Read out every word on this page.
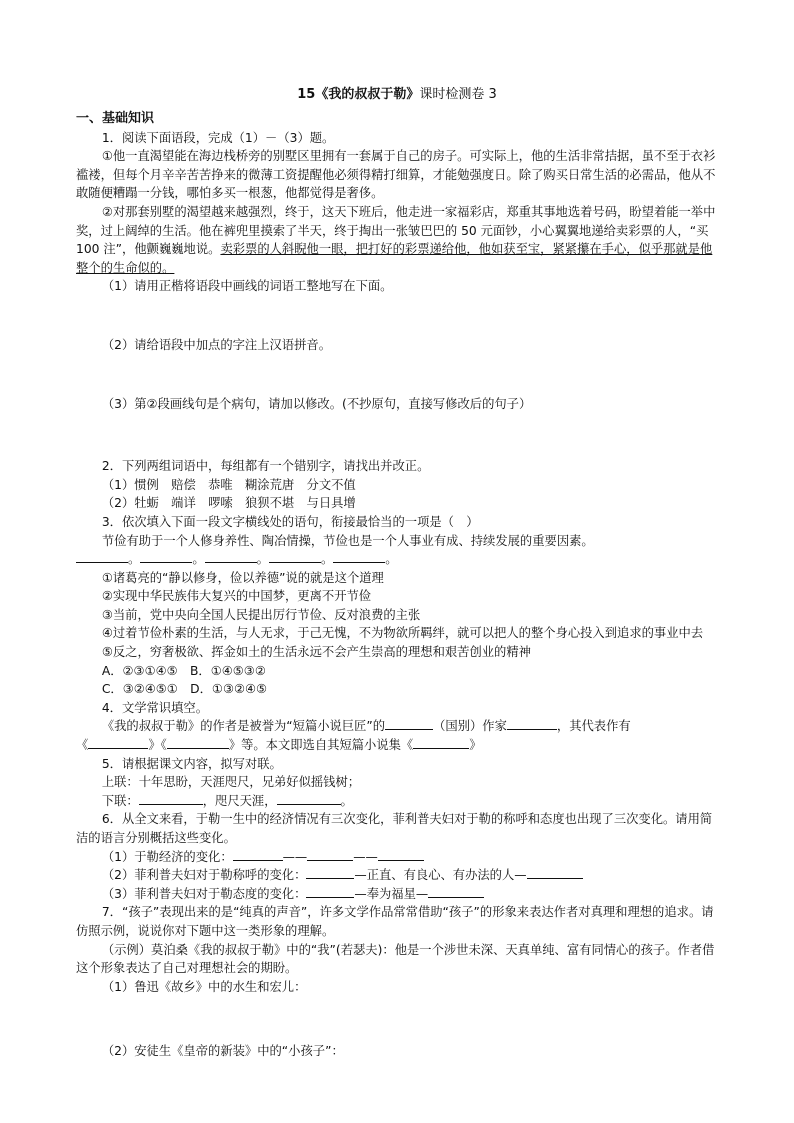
15《我的叔叔于勒》课时检测卷 3

一、基础知识

1．阅读下面语段，完成（1）－（3）题。

①他一直渴望能在海边栈桥旁的别墅区里拥有一套属于自己的房子。可实际上，他的生活非常拮据，虽不至于衣衫褴褛，但每个月辛辛苦苦挣来的微薄工资提醒他必须得精打细算，才能勉强度日。除了购买日常生活的必需品，他从不敢随便糟蹋一分钱，哪怕多买一根葱，他都觉得是奢侈。

②对那套别墅的渴望越来越强烈，终于，这天下班后，他走进一家福彩店，郑重其事地选着号码，盼望着能一举中奖，过上阔绰的生活。他在裤兜里摸索了半天，终于掏出一张皱巴巴的 50 元面钞，小心翼翼地递给卖彩票的人，“买 100 注”，他颤巍巍地说。卖彩票的人斜睨他一眼，把打好的彩票递给他，他如获至宝，紧紧攥在手心，似乎那就是他整个的生命似的。

（1）请用正楷将语段中画线的词语工整地写在下面。

（2）请给语段中加点的字注上汉语拼音。

（3）第②段画线句是个病句，请加以修改。(不抄原句，直接写修改后的句子）

2．下列两组词语中，每组都有一个错别字，请找出并改正。

（1）惯例　 赔偿　 恭唯　 糊涂荒唐　 分文不值

（2）牡蛎　 端详　 啰嗦　 狼狈不堪　 与日具增

3．依次填入下面一段文字横线处的语句，衔接最恰当的一项是（　）

节俭有助于一个人修身养性、陶冶情操，节俭也是一个人事业有成、持续发展的重要因素。

。	。	。	。	。

①诸葛亮的“静以修身，俭以养德”说的就是这个道理

②实现中华民族伟大复兴的中国梦，更离不开节俭

③当前，党中央向全国人民提出厉行节俭、反对浪费的主张

④过着节俭朴素的生活，与人无求，于己无愧，不为物欲所羁绊，就可以把人的整个身心投入到追求的事业中去

⑤反之，穷奢极欲、挥金如土的生活永远不会产生崇高的理想和艰苦创业的精神

A．②③①④⑤　 B．①④⑤③②

C．③②④⑤①　 D．①③②④⑤

4．文学常识填空。

《我的叔叔于勒》的作者是被誉为“短篇小说巨匠”的	（国别）作家	，其代表作有

《	》《	》等。本文即选自其短篇小说集《	》

5．请根据课文内容，拟写对联。

上联：十年思盼，天涯咫尺，兄弟好似摇钱树；

下联：	，咫尺天涯，	。

6．从全文来看，于勒一生中的经济情况有三次变化，菲利普夫妇对于勒的称呼和态度也出现了三次变化。请用简洁的语言分别概括这些变化。

（1）于勒经济的变化：	——	——

（2）菲利普夫妇对于勒称呼的变化：	—正直、有良心、有办法的人—

（3）菲利普夫妇对于勒态度的变化：	—奉为福星—

7．“孩子”表现出来的是“纯真的声音”，许多文学作品常常借助“孩子”的形象来表达作者对真理和理想的追求。请仿照示例，说说你对下题中这一类形象的理解。

（示例）莫泊桑《我的叔叔于勒》中的“我”(若瑟夫)：他是一个涉世未深、天真单纯、富有同情心的孩子。作者借这个形象表达了自己对理想社会的期盼。

（1）鲁迅《故乡》中的水生和宏儿：

（2）安徒生《皇帝的新装》中的“小孩子”：
